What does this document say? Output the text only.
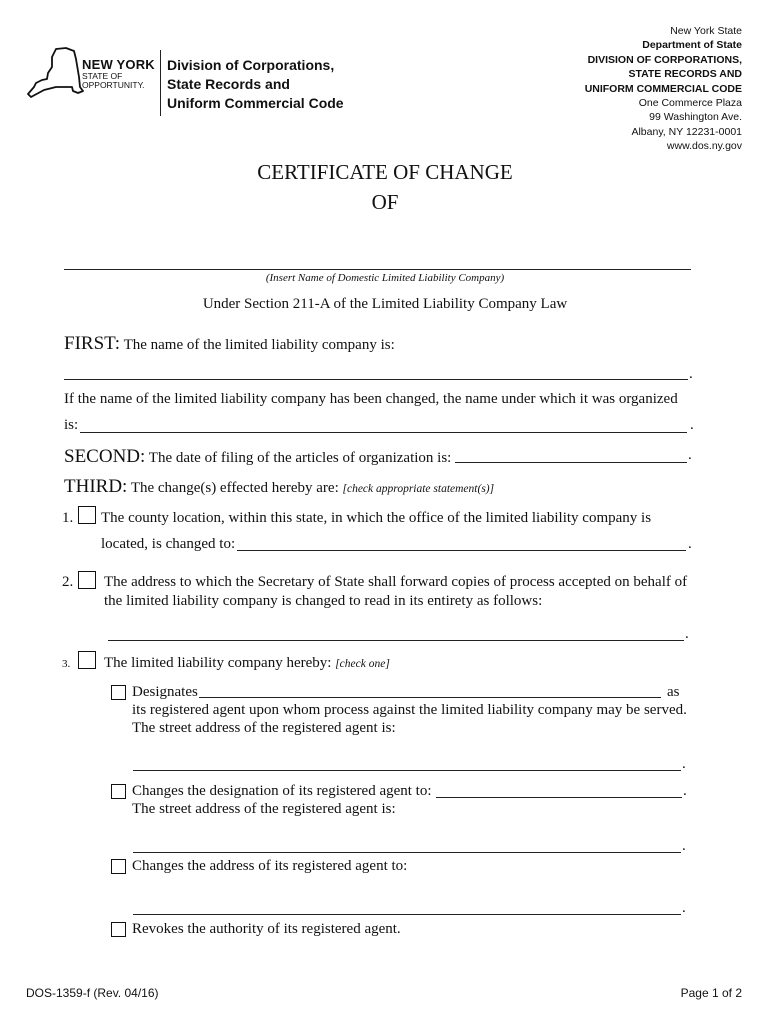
NEW YORK
STATE OF
OPPORTUNITY.
Division of Corporations,
State Records and
Uniform Commercial Code
New York State
Department of State
DIVISION OF CORPORATIONS,
STATE RECORDS AND
UNIFORM COMMERCIAL CODE
One Commerce Plaza
99 Washington Ave.
Albany, NY 12231-0001
www.dos.ny.gov
CERTIFICATE OF CHANGE
OF
(Insert Name of Domestic Limited Liability Company)
Under Section 211-A of the Limited Liability Company Law
FIRST: The name of the limited liability company is:
.
If the name of the limited liability company has been changed, the name under which it was organized
is:	.
SECOND: The date of filing of the articles of organization is:	.
THIRD: The change(s) effected hereby are: [check appropriate statement(s)]
1. The county location, within this state, in which the office of the limited liability company is
located, is changed to:	.
2. The address to which the Secretary of State shall forward copies of process accepted on behalf of
the limited liability company is changed to read in its entirety as follows:
.
3. The limited liability company hereby: [check one]
Designates	as
its registered agent upon whom process against the limited liability company may be served.
The street address of the registered agent is:
.
Changes the designation of its registered agent to:	.
The street address of the registered agent is:
.
Changes the address of its registered agent to:
.
Revokes the authority of its registered agent.
DOS-1359-f (Rev. 04/16)	Page 1 of 2
